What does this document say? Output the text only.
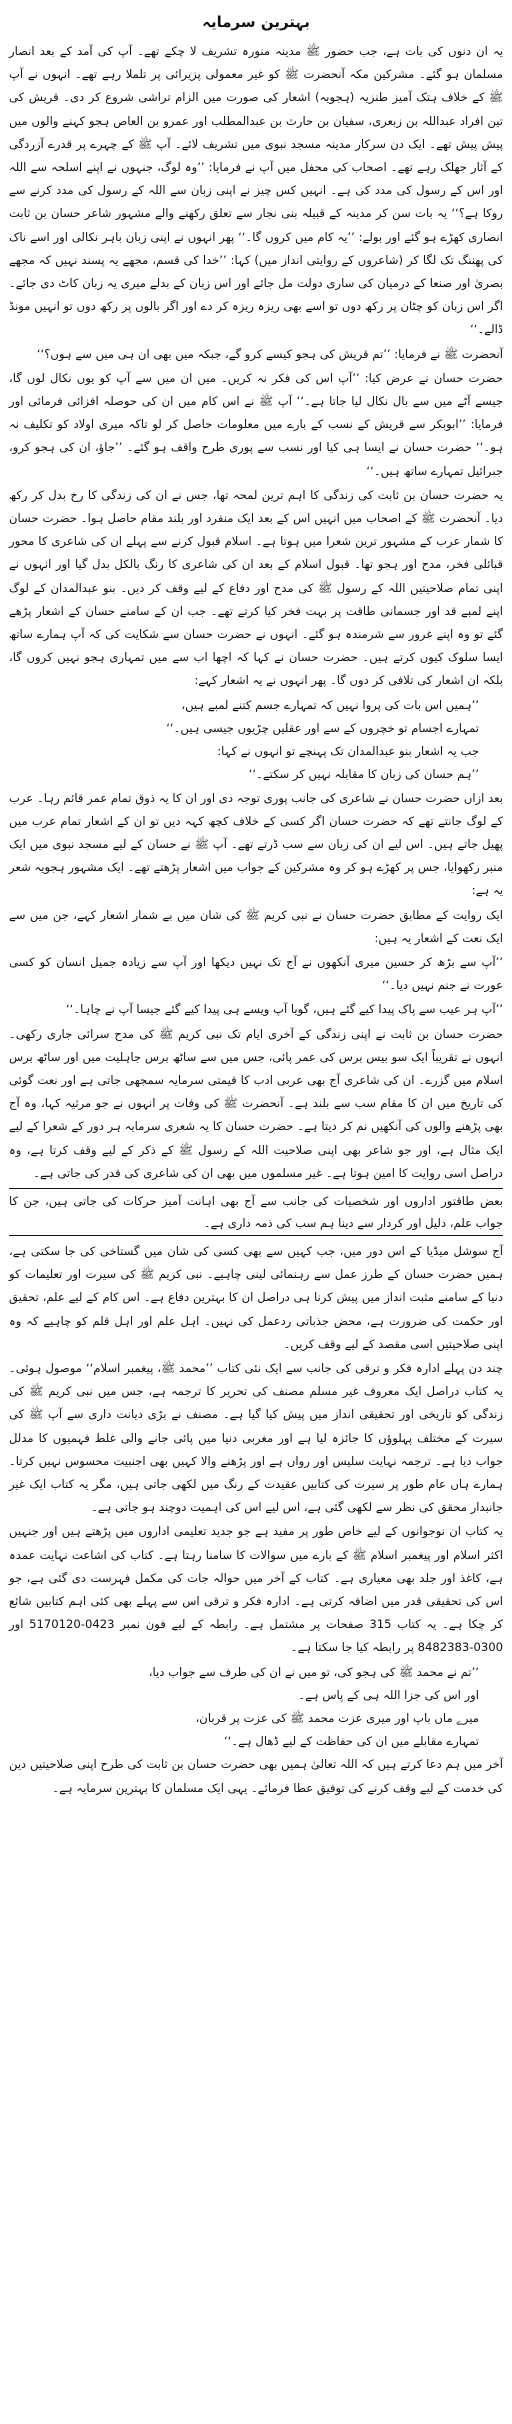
بہترین سرمایہ

یہ ان دنوں کی بات ہے، جب حضور ﷺ مدینہ منورہ تشریف لا چکے تھے۔ آپ کی آمد کے بعد انصار مسلمان ہو گئے۔ مشرکین مکہ آنحضرت ﷺ کو غیر معمولی پزیرائی پر تلملا رہے تھے۔ انہوں نے آپ ﷺ کے خلاف ہتک آمیز طنزیہ (ہجویہ) اشعار کی صورت میں الزام تراشی شروع کر دی۔ قریش کی تین افراد عبداللہ بن زبعری، سفیان بن حارث بن عبدالمطلب اور عمرو بن العاص ہجو کہنے والوں میں پیش پیش تھے۔ ایک دن سرکار مدینہ مسجد نبوی میں تشریف لائے۔ آپ ﷺ کے چہرے پر قدرے آزردگی کے آثار جھلک رہے تھے۔ اصحاب کی محفل میں آپ نے فرمایا: ’’وہ لوگ، جنہوں نے اپنے اسلحہ سے اللہ اور اس کے رسول کی مدد کی ہے۔ انہیں کس چیز نے اپنی زبان سے اللہ کے رسول کی مدد کرنے سے روکا ہے؟‘‘ یہ بات سن کر مدینہ کے قبیلہ بنی نجار سے تعلق رکھنے والے مشہور شاعر حسان بن ثابت انصاری کھڑے ہو گئے اور بولے: ’’یہ کام میں کروں گا۔‘‘ پھر انہوں نے اپنی زبان باہر نکالی اور اسے ناک کی پھننگ تک لگا کر (شاعروں کے روایتی انداز میں) کہا: ’’خدا کی قسم، مجھے یہ پسند نہیں کہ مجھے بصریٰ اور صنعا کے درمیان کی ساری دولت مل جائے اور اس زبان کے بدلے میری یہ زبان کاٹ دی جائے۔ اگر اس زبان کو چٹان پر رکھ دوں تو اسے بھی ریزہ ریزہ کر دے اور اگر بالوں پر رکھ دوں تو انہیں مونڈ ڈالے۔‘‘

آنحضرت ﷺ نے فرمایا: ’’تم قریش کی ہجو کیسے کرو گے، جبکہ میں بھی ان ہی میں سے ہوں؟‘‘

حضرت حسان نے عرض کیا: ’’آپ اس کی فکر نہ کریں۔ میں ان میں سے آپ کو یوں نکال لوں گا، جیسے آٹے میں سے بال نکال لیا جاتا ہے۔‘‘ آپ ﷺ نے اس کام میں ان کی حوصلہ افزائی فرمائی اور فرمایا: ’’ابوبکر سے قریش کے نسب کے بارے میں معلومات حاصل کر لو تاکہ میری اولاد کو تکلیف نہ ہو۔‘‘ حضرت حسان نے ایسا ہی کیا اور نسب سے پوری طرح واقف ہو گئے۔ ’’جاؤ، ان کی ہجو کرو، جبرائیل تمہارے ساتھ ہیں۔‘‘

یہ حضرت حسان بن ثابت کی زندگی کا اہم ترین لمحہ تھا، جس نے ان کی زندگی کا رخ بدل کر رکھ دیا۔ آنحضرت ﷺ کے اصحاب میں انہیں اس کے بعد ایک منفرد اور بلند مقام حاصل ہوا۔ حضرت حسان کا شمار عرب کے مشہور ترین شعرا میں ہوتا ہے۔ اسلام قبول کرنے سے پہلے ان کی شاعری کا محور قبائلی فخر، مدح اور ہجو تھا۔ قبول اسلام کے بعد ان کی شاعری کا رنگ بالکل بدل گیا اور انہوں نے اپنی تمام صلاحیتیں اللہ کے رسول ﷺ کی مدح اور دفاع کے لیے وقف کر دیں۔ بنو عبدالمدان کے لوگ اپنے لمبے قد اور جسمانی طاقت پر بہت فخر کیا کرتے تھے۔ جب ان کے سامنے حسان کے اشعار پڑھے گئے تو وہ اپنے غرور سے شرمندہ ہو گئے۔ انہوں نے حضرت حسان سے شکایت کی کہ آپ ہمارے ساتھ ایسا سلوک کیوں کرتے ہیں۔ حضرت حسان نے کہا کہ اچھا اب سے میں تمہاری ہجو نہیں کروں گا، بلکہ ان اشعار کی تلافی کر دوں گا۔ پھر انہوں نے یہ اشعار کہے:

’’ہمیں اس بات کی پروا نہیں کہ تمہارے جسم کتنے لمبے ہیں،
تمہارے اجسام تو خچروں کے سے اور عقلیں چڑیوں جیسی ہیں۔‘‘
جب یہ اشعار بنو عبدالمدان تک پہنچے تو انہوں نے کہا:
’’ہم حسان کی زبان کا مقابلہ نہیں کر سکتے۔‘‘

بعد ازاں حضرت حسان نے شاعری کی جانب پوری توجہ دی اور ان کا یہ ذوق تمام عمر قائم رہا۔ عرب کے لوگ جانتے تھے کہ حضرت حسان اگر کسی کے خلاف کچھ کہہ دیں تو ان کے اشعار تمام عرب میں پھیل جاتے ہیں۔ اس لیے ان کی زبان سے سب ڈرتے تھے۔ آپ ﷺ نے حسان کے لیے مسجد نبوی میں ایک منبر رکھوایا، جس پر کھڑے ہو کر وہ مشرکین کے جواب میں اشعار پڑھتے تھے۔ ایک مشہور ہجویہ شعر یہ ہے:

ایک روایت کے مطابق حضرت حسان نے نبی کریم ﷺ کی شان میں بے شمار اشعار کہے، جن میں سے ایک نعت کے اشعار یہ ہیں:

’’آپ سے بڑھ کر حسین میری آنکھوں نے آج تک نہیں دیکھا اور آپ سے زیادہ جمیل انسان کو کسی عورت نے جنم نہیں دیا۔‘‘

’’آپ ہر عیب سے پاک پیدا کیے گئے ہیں، گویا آپ ویسے ہی پیدا کیے گئے جیسا آپ نے چاہا۔‘‘

حضرت حسان بن ثابت نے اپنی زندگی کے آخری ایام تک نبی کریم ﷺ کی مدح سرائی جاری رکھی۔ انہوں نے تقریباً ایک سو بیس برس کی عمر پائی، جس میں سے ساٹھ برس جاہلیت میں اور ساٹھ برس اسلام میں گزرے۔ ان کی شاعری آج بھی عربی ادب کا قیمتی سرمایہ سمجھی جاتی ہے اور نعت گوئی کی تاریخ میں ان کا مقام سب سے بلند ہے۔ آنحضرت ﷺ کی وفات پر انہوں نے جو مرثیہ کہا، وہ آج بھی پڑھنے والوں کی آنکھیں نم کر دیتا ہے۔ حضرت حسان کا یہ شعری سرمایہ ہر دور کے شعرا کے لیے ایک مثال ہے، اور جو شاعر بھی اپنی صلاحیت اللہ کے رسول ﷺ کے ذکر کے لیے وقف کرتا ہے، وہ دراصل اسی روایت کا امین ہوتا ہے۔ غیر مسلموں میں بھی ان کی شاعری کی قدر کی جاتی ہے۔

بعض طاقتور اداروں اور شخصیات کی جانب سے آج بھی اہانت آمیز حرکات کی جاتی ہیں، جن کا جواب علم، دلیل اور کردار سے دینا ہم سب کی ذمہ داری ہے۔

آج سوشل میڈیا کے اس دور میں، جب کہیں سے بھی کسی کی شان میں گستاخی کی جا سکتی ہے، ہمیں حضرت حسان کے طرز عمل سے رہنمائی لینی چاہیے۔ نبی کریم ﷺ کی سیرت اور تعلیمات کو دنیا کے سامنے مثبت انداز میں پیش کرنا ہی دراصل ان کا بہترین دفاع ہے۔ اس کام کے لیے علم، تحقیق اور حکمت کی ضرورت ہے، محض جذباتی ردعمل کی نہیں۔ اہل علم اور اہل قلم کو چاہیے کہ وہ اپنی صلاحیتیں اسی مقصد کے لیے وقف کریں۔

چند دن پہلے ادارہ فکر و ترقی کی جانب سے ایک نئی کتاب ’’محمد ﷺ، پیغمبر اسلام‘‘ موصول ہوئی۔ یہ کتاب دراصل ایک معروف غیر مسلم مصنف کی تحریر کا ترجمہ ہے، جس میں نبی کریم ﷺ کی زندگی کو تاریخی اور تحقیقی انداز میں پیش کیا گیا ہے۔ مصنف نے بڑی دیانت داری سے آپ ﷺ کی سیرت کے مختلف پہلوؤں کا جائزہ لیا ہے اور مغربی دنیا میں پائی جانے والی غلط فہمیوں کا مدلل جواب دیا ہے۔ ترجمہ نہایت سلیس اور رواں ہے اور پڑھنے والا کہیں بھی اجنبیت محسوس نہیں کرتا۔ ہمارے ہاں عام طور پر سیرت کی کتابیں عقیدت کے رنگ میں لکھی جاتی ہیں، مگر یہ کتاب ایک غیر جانبدار محقق کی نظر سے لکھی گئی ہے، اس لیے اس کی اہمیت دوچند ہو جاتی ہے۔

یہ کتاب ان نوجوانوں کے لیے خاص طور پر مفید ہے جو جدید تعلیمی اداروں میں پڑھتے ہیں اور جنہیں اکثر اسلام اور پیغمبر اسلام ﷺ کے بارے میں سوالات کا سامنا رہتا ہے۔ کتاب کی اشاعت نہایت عمدہ ہے، کاغذ اور جلد بھی معیاری ہے۔ کتاب کے آخر میں حوالہ جات کی مکمل فہرست دی گئی ہے، جو اس کی تحقیقی قدر میں اضافہ کرتی ہے۔ ادارہ فکر و ترقی اس سے پہلے بھی کئی اہم کتابیں شائع کر چکا ہے۔ یہ کتاب 315 صفحات پر مشتمل ہے۔ رابطہ کے لیے فون نمبر 0423-5170120 اور 0300-8482383 پر رابطہ کیا جا سکتا ہے۔

’’تم نے محمد ﷺ کی ہجو کی، تو میں نے ان کی طرف سے جواب دیا،
اور اس کی جزا اللہ ہی کے پاس ہے۔
میرے ماں باپ اور میری عزت محمد ﷺ کی عزت پر قربان،
تمہارے مقابلے میں ان کی حفاظت کے لیے ڈھال ہے۔‘‘

آخر میں ہم دعا کرتے ہیں کہ اللہ تعالیٰ ہمیں بھی حضرت حسان بن ثابت کی طرح اپنی صلاحیتیں دین کی خدمت کے لیے وقف کرنے کی توفیق عطا فرمائے۔ یہی ایک مسلمان کا بہترین سرمایہ ہے۔
